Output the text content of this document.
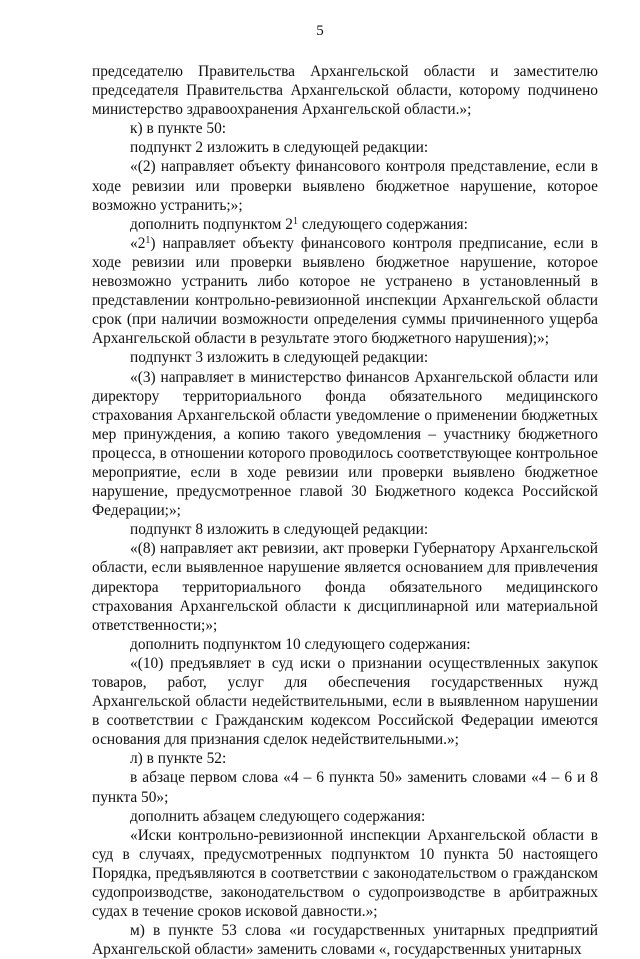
5

председателю Правительства Архангельской области и заместителю председателя Правительства Архангельской области, которому подчинено министерство здравоохранения Архангельской области.»;

к) в пункте 50:

подпункт 2 изложить в следующей редакции:

«(2) направляет объекту финансового контроля представление, если в ходе ревизии или проверки выявлено бюджетное нарушение, которое возможно устранить;»;

дополнить подпунктом $2^1$ следующего содержания:

«$2^1$) направляет объекту финансового контроля предписание, если в ходе ревизии или проверки выявлено бюджетное нарушение, которое невозможно устранить либо которое не устранено в установленный в представлении контрольно-ревизионной инспекции Архангельской области срок (при наличии возможности определения суммы причиненного ущерба Архангельской области в результате этого бюджетного нарушения);»;

подпункт 3 изложить в следующей редакции:

«(3) направляет в министерство финансов Архангельской области или директору территориального фонда обязательного медицинского страхования Архангельской области уведомление о применении бюджетных мер принуждения, а копию такого уведомления – участнику бюджетного процесса, в отношении которого проводилось соответствующее контрольное мероприятие, если в ходе ревизии или проверки выявлено бюджетное нарушение, предусмотренное главой 30 Бюджетного кодекса Российской Федерации;»;

подпункт 8 изложить в следующей редакции:

«(8) направляет акт ревизии, акт проверки Губернатору Архангельской области, если выявленное нарушение является основанием для привлечения директора территориального фонда обязательного медицинского страхования Архангельской области к дисциплинарной или материальной ответственности;»;

дополнить подпунктом 10 следующего содержания:

«(10) предъявляет в суд иски о признании осуществленных закупок товаров, работ, услуг для обеспечения государственных нужд Архангельской области недействительными, если в выявленном нарушении в соответствии с Гражданским кодексом Российской Федерации имеются основания для признания сделок недействительными.»;

л) в пункте 52:

в абзаце первом слова «4 – 6 пункта 50» заменить словами «4 – 6 и 8 пункта 50»;

дополнить абзацем следующего содержания:

«Иски контрольно-ревизионной инспекции Архангельской области в суд в случаях, предусмотренных подпунктом 10 пункта 50 настоящего Порядка, предъявляются в соответствии с законодательством о гражданском судопроизводстве, законодательством о судопроизводстве в арбитражных судах в течение сроков исковой давности.»;

м) в пункте 53 слова «и государственных унитарных предприятий Архангельской области» заменить словами «, государственных унитарных
